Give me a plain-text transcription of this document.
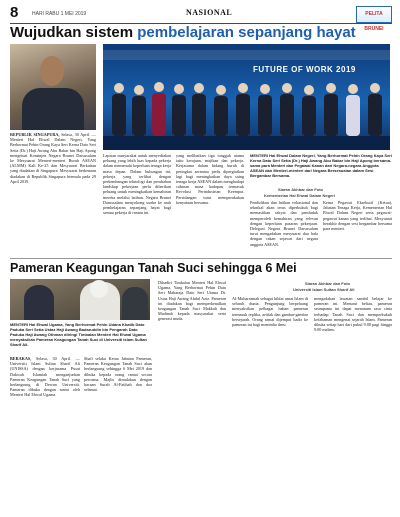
8	HARI RABU 1 MEI 2019	NASIONAL	PELITA BRUNEI
Wujudkan sistem pembelajaran sepanjang hayat
FUTURE OF WORK 2019
MENTERI Hal Ehwal Dalam Negeri, Yang Berhormat Pehin Orang Kaya Seri Kerna Dato Seri Setia (Dr.) Haji Awang Abu Bakar bin Haji Apong bersama-sama para Menteri dan Pegawai Kanan dari Negara-negara Anggota ASEAN dan Menteri-menteri dari Negara Bersesuaian dalam Sesi Bergambar Bersama.
Siaran Akhbar dan Foto
Kementerian Hal Ehwal Dalam Negeri
REPUBLIK SINGAPURA, Selasa, 30 April. — Menteri Hal Ehwal Dalam Negeri, Yang Berhormat Pehin Orang Kaya Seri Kerna Dato Seri Setia (Dr.) Haji Awang Abu Bakar bin Haji Apong mengetuai Kontinjen Negara Brunei Darussalam ke Mesyuarat Menteri-menteri Buruh ASEAN (ALMM) Kali Ke-25 dan Mesyuarat Berkaitan yang diadakan di Singapura. Mesyuarat berkenaan diadakan di Republik Singapura bermula pada 29 April 2019.
Lapisan masyarakat untuk menyediakan peluang yang lebih luas kepada pekerja dalam memenuhi keperluan tenaga kerja masa depan. Dalam hubungan ini, pekerja yang terlibat dengan perkembangan teknologi dan perubahan landskap pekerjaan perlu diberikan peluang untuk meningkatkan kemahiran mereka melalui latihan. Negara Brunei Darussalam menyokong usaha ke arah pembelajaran sepanjang hayat bagi semua pekerja di rantau ini.
yang melibatkan tiga tonggak utama iaitu kerajaan, majikan dan pekerja. Kerjasama dalam bidang buruh di peringkat serantau perlu dipergiatkan lagi bagi meningkatkan daya saing tenaga kerja ASEAN dalam menghadapi cabaran masa hadapan termasuk Revolusi Perindustrian Keempat. Persidangan turut memperakukan kenyataan bersama.	Pendidikan dan latihan vokasional dan teknikal akan terus diperkukuh bagi memastikan rakyat dan penduduk memperoleh kemahiran yang relevan dengan keperluan pasaran pekerjaan. Delegasi Negara Brunei Darussalam turut mengadakan mesyuarat dua hala dengan rakan sejawat dari negara anggota ASEAN.
Ketua Pegawai Eksekutif (Ketua), Jabatan Tenaga Kerja, Kementerian Hal Ehwal Dalam Negeri serta pegawai-pegawai kanan yang terlibat. Mesyuarat berakhir dengan sesi bergambar bersama para menteri.
Pameran Keagungan Tanah Suci sehingga 6 Mei
MENTERI Hal Ehwal Ugama, Yang Berhormat Pehin Udana Khatib Dato Paduka Seri Setia Ustaz Haji Awang Badaruddin bin Pengarah Dato Paduka Haji Awang Othman diiringi Timbalan Menteri Hal Ehwal Ugama menyaksikan Pameran Keagungan Tanah Suci di Universiti Islam Sultan Sharif Ali.
Siaran Akhbar dan Foto
Universiti Islam Sultan Sharif Ali
BERAKAS, Selasa, 30 April. — Universiti Islam Sultan Sharif Ali (UNISSA) dengan kerjasama Pusat Dakwah Islamiah menganjurkan Pameran Keagungan Tanah Suci yang berlangsung di Dewan Universiti. Pameran dibuka dengan rasmi oleh Menteri Hal Ehwal Ugama.
Shafi selaku Ketua Jabatan Pameran, Pameran Keagungan Tanah Suci akan berlangsung sehingga 6 Mei 2019 dan dibuka kepada orang ramai secara percuma. Majlis dimulakan dengan bacaan Surah Al-Fatihah dan doa selamat.
Dihadiri Timbalan Menteri Hal Ehwal Ugama, Yang Berhormat Pehin Datu Seri Maharaja Dato Seri Utama Dr. Ustaz Haji Awang Abdul Aziz. Pameran ini diadakan bagi memperkenalkan keagungan Tanah Suci Makkah dan Madinah kepada masyarakat serta generasi muda.
Al-Muharramah sebagai kiblat umat Islam di seluruh dunia. Pengunjung berpeluang menyaksikan pelbagai bahan pameran termasuk replika, artifak dan gambar-gambar bersejarah. Orang ramai dijemput hadir ke pameran ini bagi menimba ilmu.
mengadakan lawatan sambil belajar ke pameran ini. Menurut beliau, pameran seumpama ini dapat menanam rasa cinta terhadap Tanah Suci dan memperkukuh kefahaman mengenai sejarah Islam. Pameran dibuka setiap hari dari pukul 9.00 pagi hingga 9.00 malam.
